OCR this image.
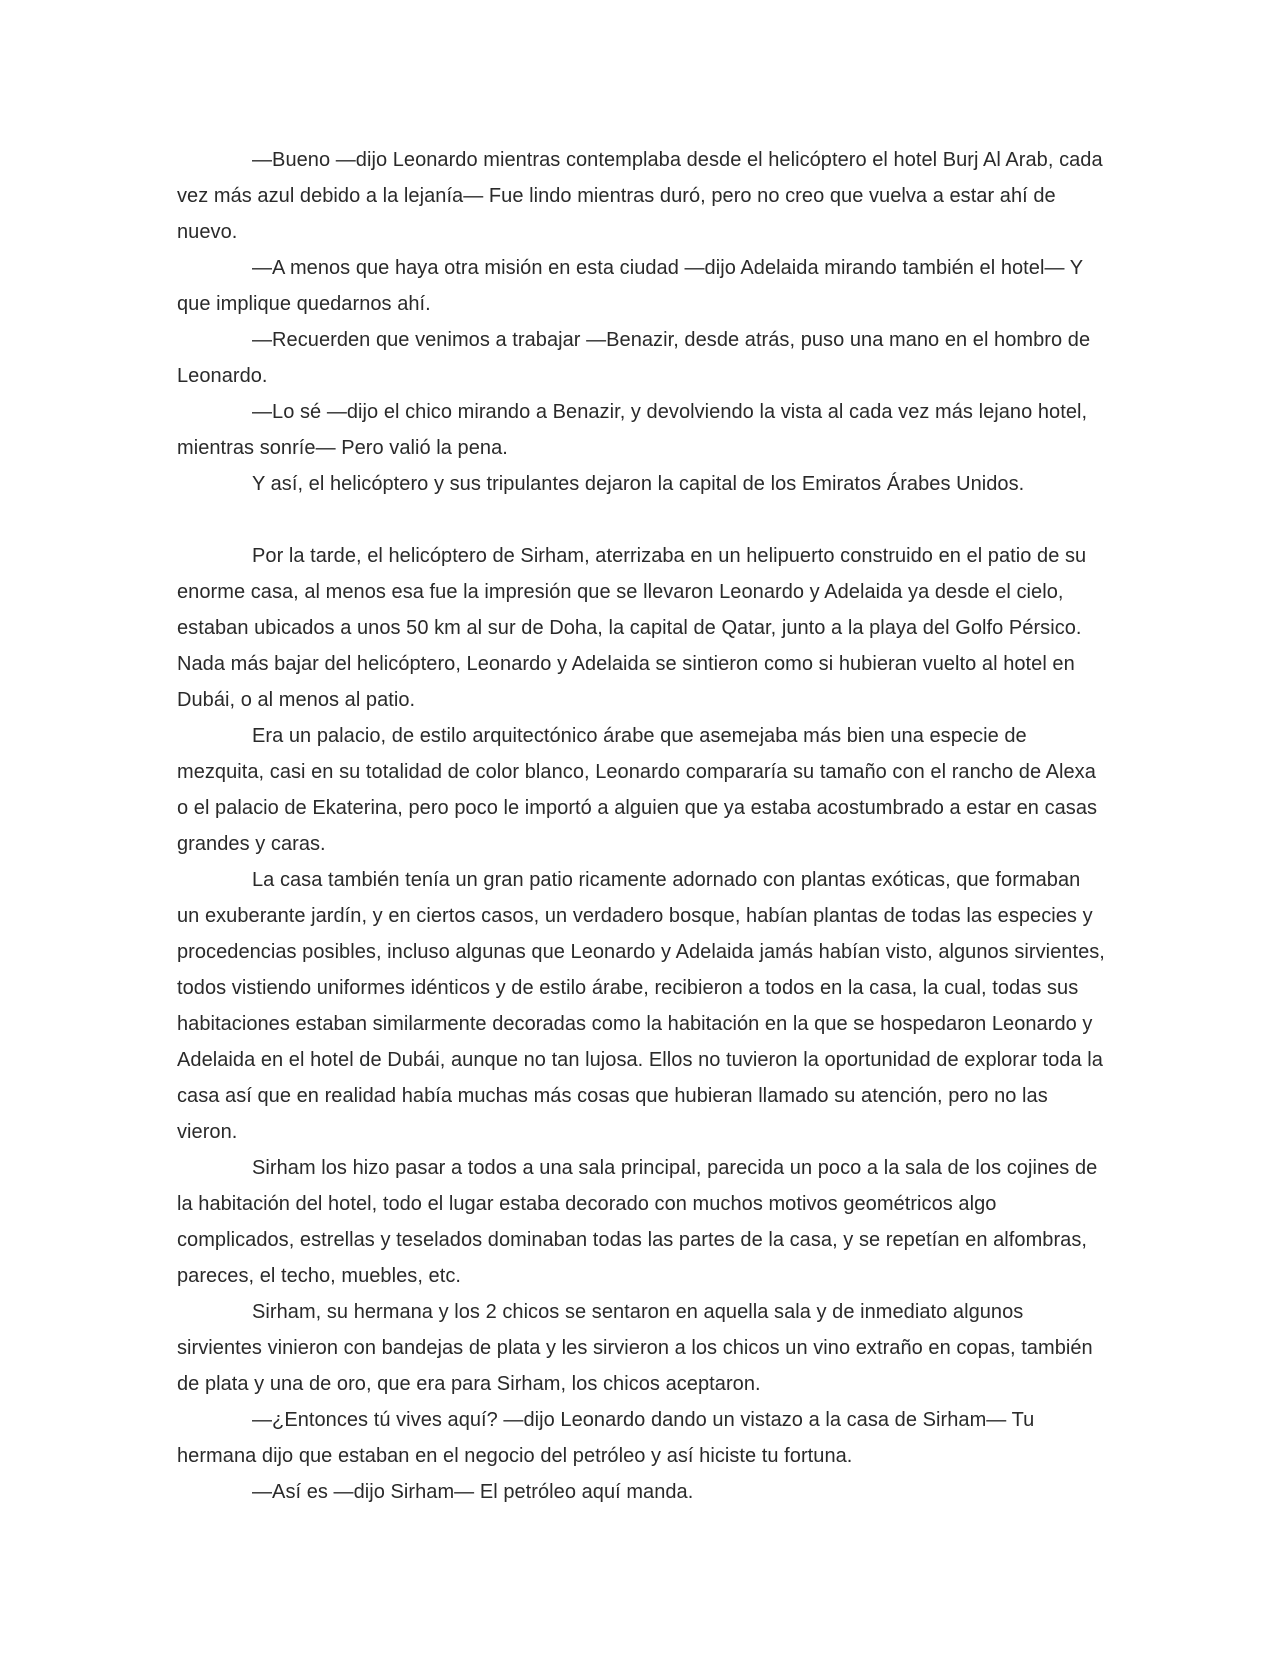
—Bueno —dijo Leonardo mientras contemplaba desde el helicóptero el hotel Burj Al Arab, cada vez más azul debido a la lejanía— Fue lindo mientras duró, pero no creo que vuelva a estar ahí de nuevo.

—A menos que haya otra misión en esta ciudad —dijo Adelaida mirando también el hotel— Y que implique quedarnos ahí.

—Recuerden que venimos a trabajar —Benazir, desde atrás, puso una mano en el hombro de Leonardo.

—Lo sé —dijo el chico mirando a Benazir, y devolviendo la vista al cada vez más lejano hotel, mientras sonríe— Pero valió la pena.

Y así, el helicóptero y sus tripulantes dejaron la capital de los Emiratos Árabes Unidos.

Por la tarde, el helicóptero de Sirham, aterrizaba en un helipuerto construido en el patio de su enorme casa, al menos esa fue la impresión que se llevaron Leonardo y Adelaida ya desde el cielo, estaban ubicados a unos 50 km al sur de Doha, la capital de Qatar, junto a la playa del Golfo Pérsico. Nada más bajar del helicóptero, Leonardo y Adelaida se sintieron como si hubieran vuelto al hotel en Dubái, o al menos al patio.

Era un palacio, de estilo arquitectónico árabe que asemejaba más bien una especie de mezquita, casi en su totalidad de color blanco, Leonardo compararía su tamaño con el rancho de Alexa o el palacio de Ekaterina, pero poco le importó a alguien que ya estaba acostumbrado a estar en casas grandes y caras.

La casa también tenía un gran patio ricamente adornado con plantas exóticas, que formaban un exuberante jardín, y en ciertos casos, un verdadero bosque, habían plantas de todas las especies y procedencias posibles, incluso algunas que Leonardo y Adelaida jamás habían visto, algunos sirvientes, todos vistiendo uniformes idénticos y de estilo árabe, recibieron a todos en la casa, la cual, todas sus habitaciones estaban similarmente decoradas como la habitación en la que se hospedaron Leonardo y Adelaida en el hotel de Dubái, aunque no tan lujosa. Ellos no tuvieron la oportunidad de explorar toda la casa así que en realidad había muchas más cosas que hubieran llamado su atención, pero no las vieron.

Sirham los hizo pasar a todos a una sala principal, parecida un poco a la sala de los cojines de la habitación del hotel, todo el lugar estaba decorado con muchos motivos geométricos algo complicados, estrellas y teselados dominaban todas las partes de la casa, y se repetían en alfombras, pareces, el techo, muebles, etc.

Sirham, su hermana y los 2 chicos se sentaron en aquella sala y de inmediato algunos sirvientes vinieron con bandejas de plata y les sirvieron a los chicos un vino extraño en copas, también de plata y una de oro, que era para Sirham, los chicos aceptaron.

—¿Entonces tú vives aquí? —dijo Leonardo dando un vistazo a la casa de Sirham— Tu hermana dijo que estaban en el negocio del petróleo y así hiciste tu fortuna.

—Así es —dijo Sirham— El petróleo aquí manda.
